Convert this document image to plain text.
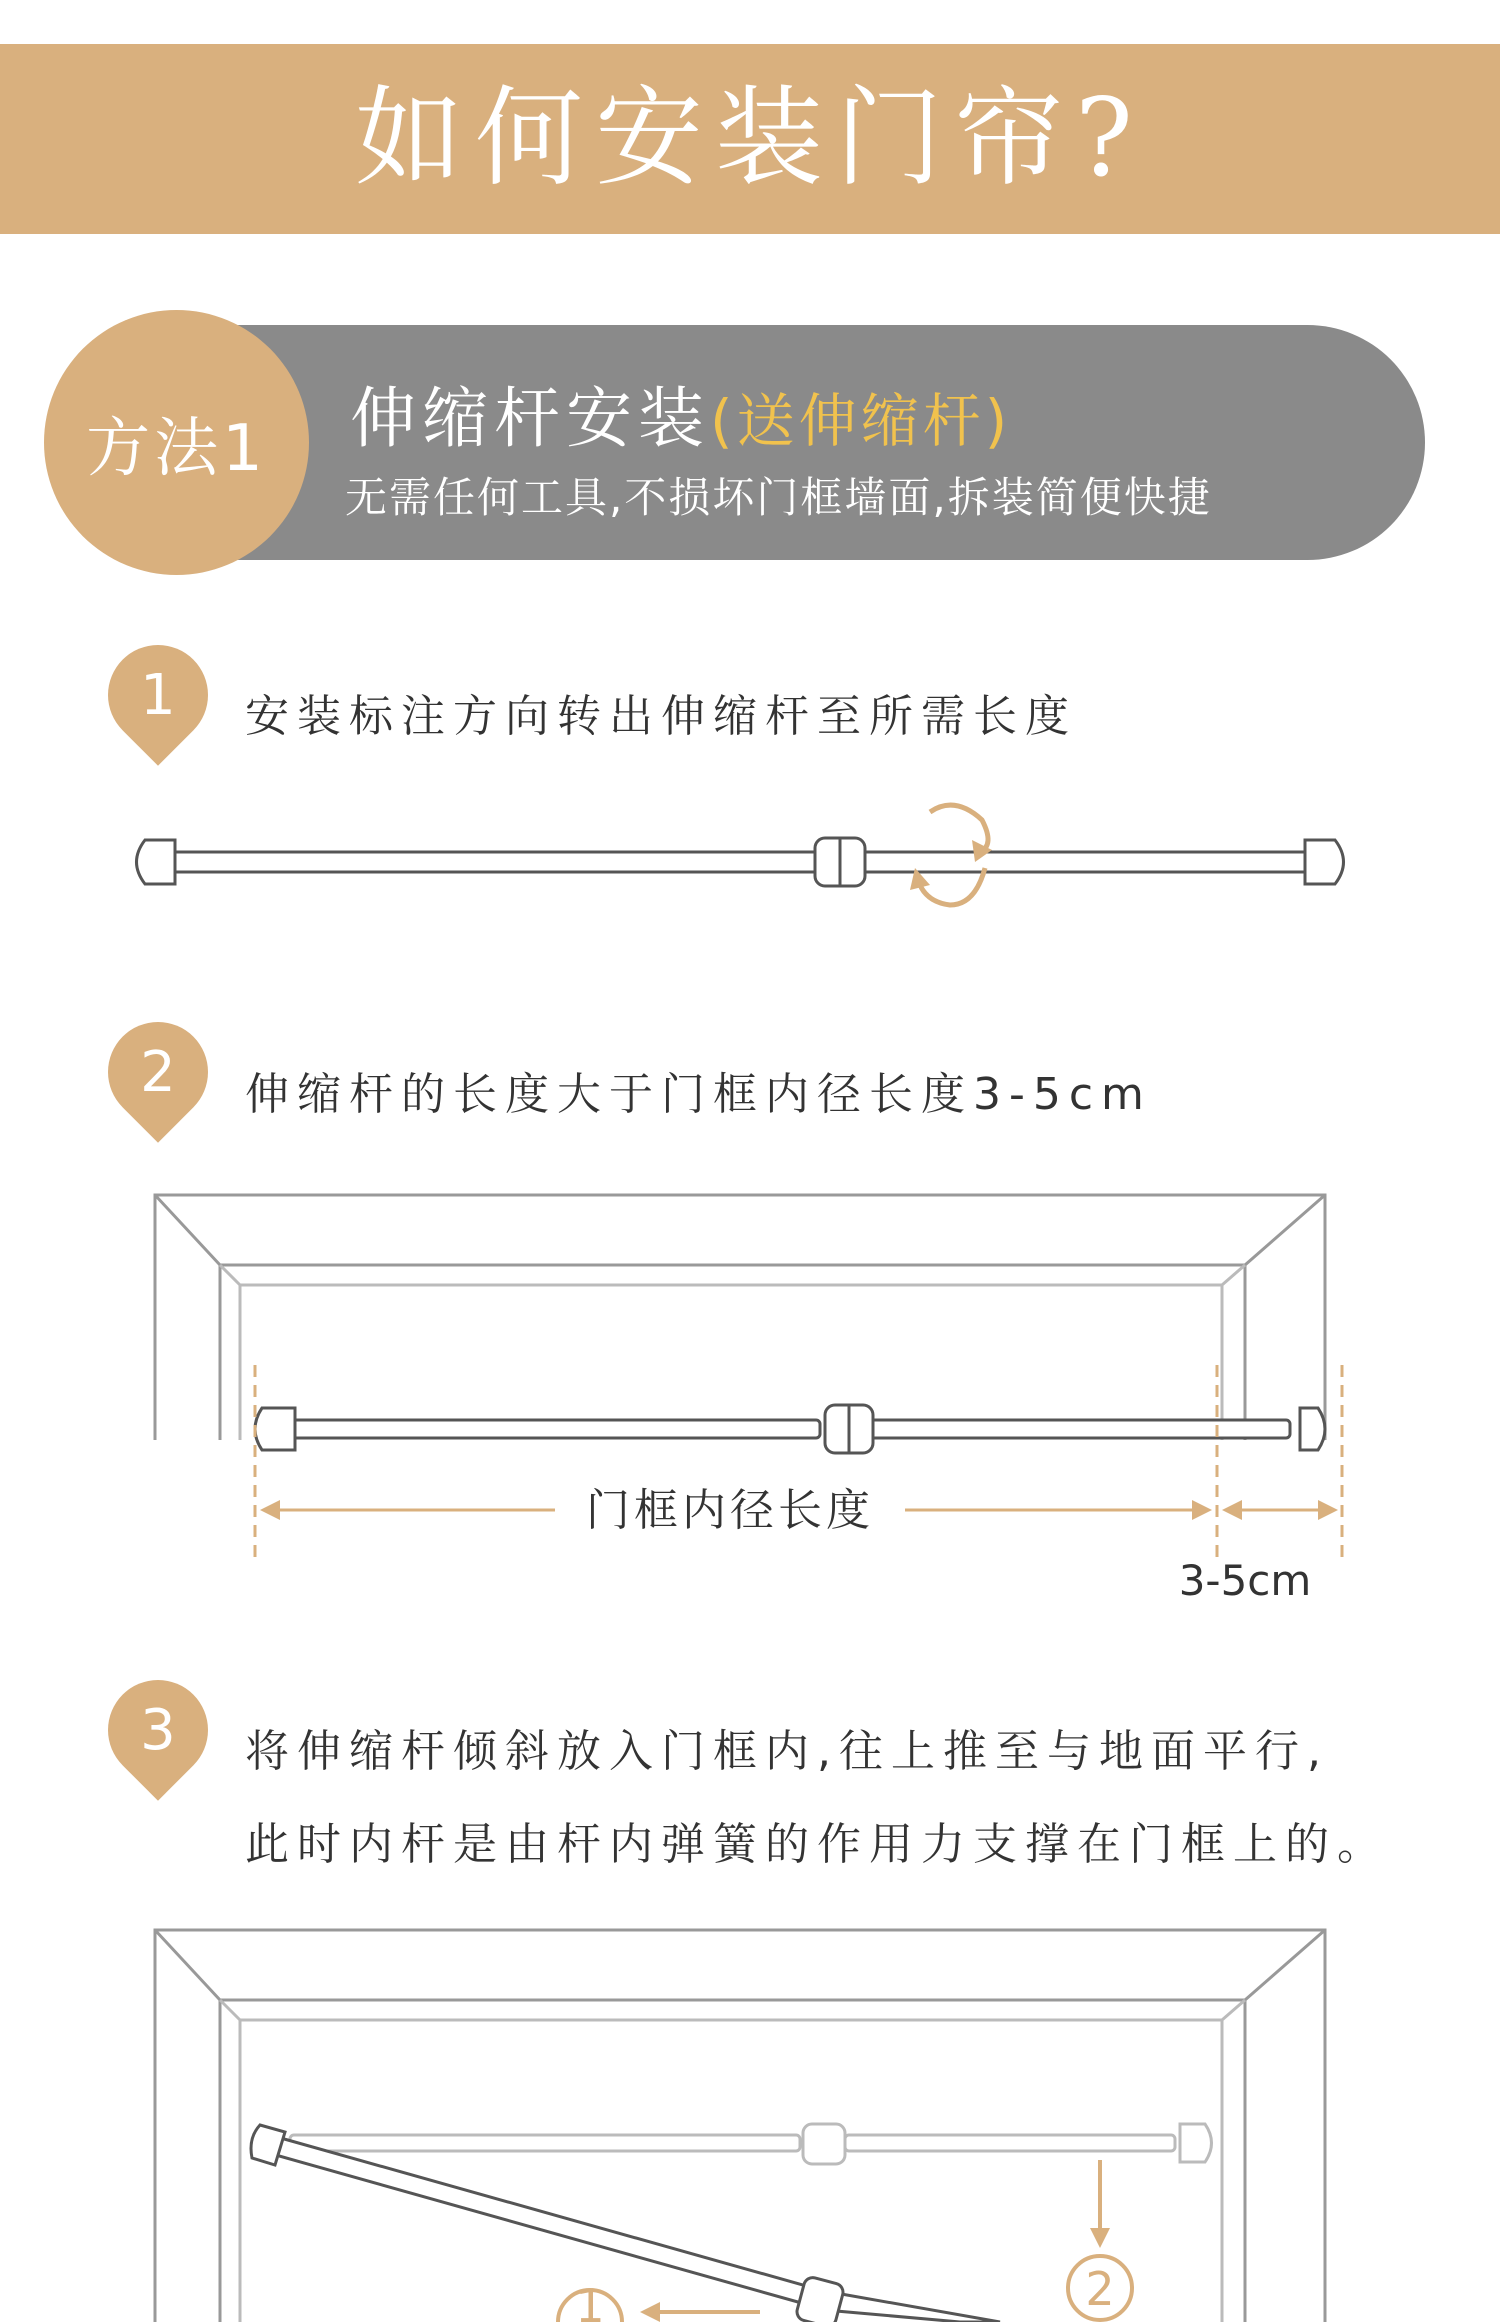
如何安装门帘?
方法1 伸缩杆安装(送伸缩杆)
无需任何工具,不损坏门框墙面,拆装简便快捷
1	安装标注方向转出伸缩杆至所需长度
2	伸缩杆的长度大于门框内径长度3-5cm
3	将伸缩杆倾斜放入门框内,往上推至与地面平行,
此时内杆是由杆内弹簧的作用力支撑在门框上的。
门框内径长度
3-5cm
2
1
